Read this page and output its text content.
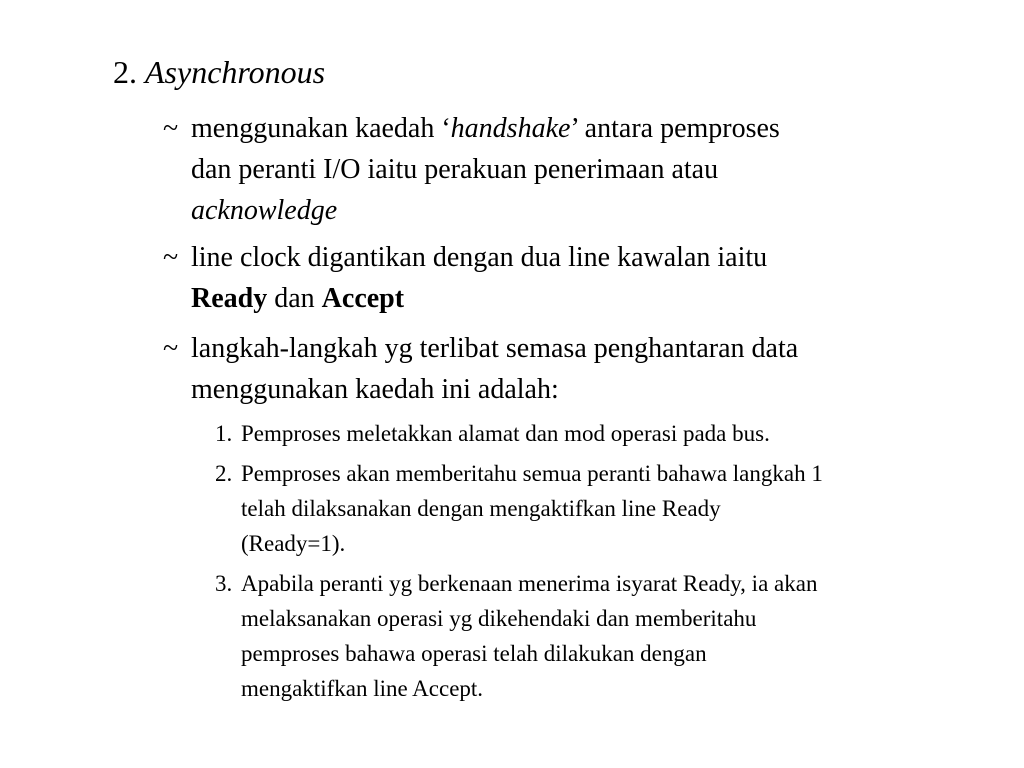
2. Asynchronous
~ menggunakan kaedah ‘handshake’ antara pemproses
dan peranti I/O iaitu perakuan penerimaan atau
acknowledge
~ line clock digantikan dengan dua line kawalan iaitu
Ready dan Accept
~ langkah-langkah yg terlibat semasa penghantaran data
menggunakan kaedah ini adalah:
1. Pemproses meletakkan alamat dan mod operasi pada bus.
2. Pemproses akan memberitahu semua peranti bahawa langkah 1
telah dilaksanakan dengan mengaktifkan line Ready
(Ready=1).
3. Apabila peranti yg berkenaan menerima isyarat Ready, ia akan
melaksanakan operasi yg dikehendaki dan memberitahu
pemproses bahawa operasi telah dilakukan dengan
mengaktifkan line Accept.
